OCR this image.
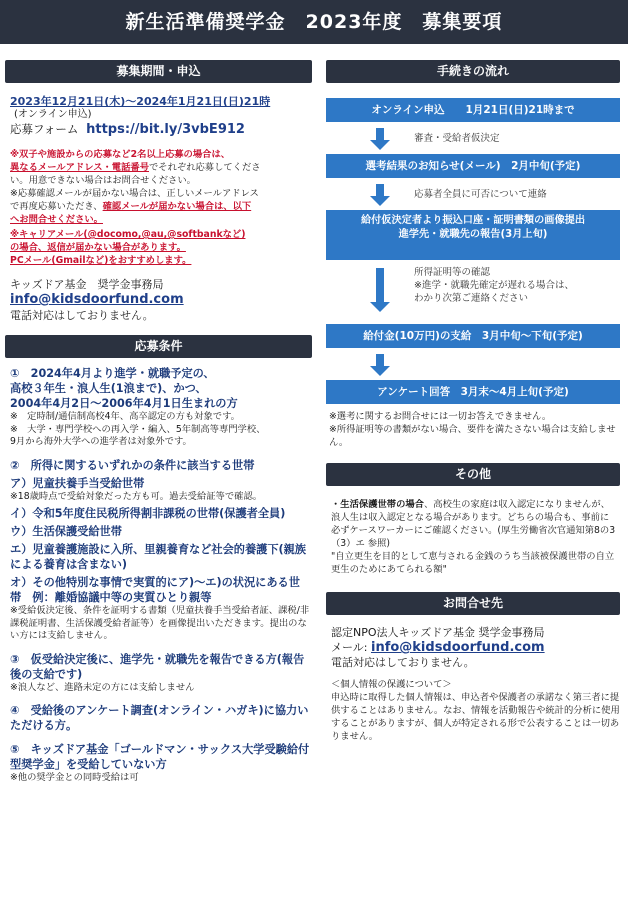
新生活準備奨学金　2023年度　募集要項
募集期間・申込
2023年12月21日(木)～2024年1月21日(日)21時
(オンライン申込)
応募フォーム https://bit.ly/3vbE912

※双子や施設からの応募など2名以上応募の場合は、

異なるメールアドレス・電話番号でそれぞれ応募してくださ

い。用意できない場合はお問合せください。

※応募確認メールが届かない場合は、正しいメールアドレス

で再度応募いただき、確認メールが届かない場合は、以下

へお問合せください。

※キャリアメール(@docomo,@au,@softbankなど)

の場合、返信が届かない場合があります。

PCメール(Gmailなど)をおすすめします。

キッズドア基金　奨学金事務局
info@kidsdoorfund.com
電話対応はしておりません。
応募条件
①　2024年4月より進学・就職予定の、
高校３年生・浪人生(1浪まで)、かつ、
2004年4月2日～2006年4月1日生まれの方
※　定時制/通信制高校4年、高卒認定の方も対象です。
※　大学・専門学校への再入学・編入、5年制高等専門学校、
9月から海外大学への進学者は対象外です。
②　所得に関するいずれかの条件に該当する世帯
ア）児童扶養手当受給世帯
※18歳時点で受給対象だった方も可。過去受給証等で確認。
イ）令和5年度住民税所得割非課税の世帯(保護者全員)
ウ）生活保護受給世帯
エ）児童養護施設に入所、里親養育など社会的養護下(親族による養育は含まない)
オ）その他特別な事情で実質的にア)～エ)の状況にある世帯　例：離婚協議中等の実質ひとり親等
※受給仮決定後、条件を証明する書類（児童扶養手当受給者証、課税/非課税証明書、生活保護受給者証等）を画像提出いただきます。提出のない方には支給しません。
③　仮受給決定後に、進学先・就職先を報告できる方(報告後の支給です)
※浪人など、進路未定の方には支給しません
④　受給後のアンケート調査(オンライン・ハガキ)に協力いただける方。
⑤　キッズドア基金「ゴールドマン・サックス大学受験給付型奨学金」を受給していない方
※他の奨学金との同時受給は可
手続きの流れ
オンライン申込　　1月21日(日)21時まで
審査・受給者仮決定
選考結果のお知らせ(メール)　2月中旬(予定)
応募者全員に可否について連絡
給付仮決定者より振込口座・証明書類の画像提出
進学先・就職先の報告(3月上旬)
所得証明等の確認
※進学・就職先確定が遅れる場合は、
わかり次第ご連絡ください
給付金(10万円)の支給　3月中旬～下旬(予定)
アンケート回答　3月末～4月上旬(予定)
※選考に関するお問合せには一切お答えできません。
※所得証明等の書類がない場合、要件を満たさない場合は支給しません。
その他
・生活保護世帯の場合、高校生の家庭は収入認定になりませんが、浪人生は収入認定となる場合があります。どちらの場合も、事前に必ずケースワーカーにご確認ください。(厚生労働省次官通知第8の3（3）エ 参照)
"自立更生を目的として恵与される金銭のうち当該被保護世帯の自立更生のためにあてられる額"
お問合せ先
認定NPO法人キッズドア基金 奨学金事務局
メール: info@kidsdoorfund.com
電話対応はしておりません。
＜個人情報の保護について＞
申込時に取得した個人情報は、申込者や保護者の承諾なく第三者に提供することはありません。なお、情報を活動報告や統計的分析に使用することがありますが、個人が特定される形で公表することは一切ありません。
